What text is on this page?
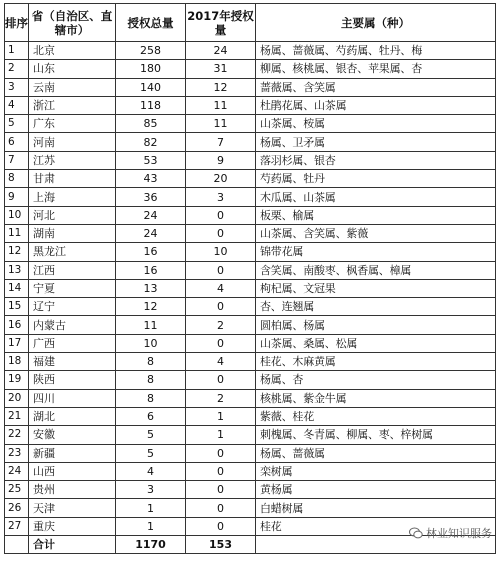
排序	省（自治区、直辖市）	授权总量	2017年授权量	主要属（种）
1	北京	258	24	杨属、蔷薇属、芍药属、牡丹、梅
2	山东	180	31	柳属、核桃属、银杏、苹果属、杏
3	云南	140	12	蔷薇属、含笑属
4	浙江	118	11	杜鹃花属、山茶属
5	广东	85	11	山茶属、桉属
6	河南	82	7	杨属、卫矛属
7	江苏	53	9	落羽杉属、银杏
8	甘肃	43	20	芍药属、牡丹
9	上海	36	3	木瓜属、山茶属
10	河北	24	0	板栗、榆属
11	湖南	24	0	山茶属、含笑属、紫薇
12	黑龙江	16	10	锦带花属
13	江西	16	0	含笑属、南酸枣、枫香属、樟属
14	宁夏	13	4	枸杞属、文冠果
15	辽宁	12	0	杏、连翘属
16	内蒙古	11	2	圆柏属、杨属
17	广西	10	0	山茶属、桑属、松属
18	福建	8	4	桂花、木麻黄属
19	陕西	8	0	杨属、杏
20	四川	8	2	核桃属、紫金牛属
21	湖北	6	1	紫薇、桂花
22	安徽	5	1	刺槐属、冬青属、柳属、枣、梓树属
23	新疆	5	0	杨属、蔷薇属
24	山西	4	0	栾树属
25	贵州	3	0	黄杨属
26	天津	1	0	白蜡树属
27	重庆	1	0	桂花
	合计	1170	153	
林业知识服务
